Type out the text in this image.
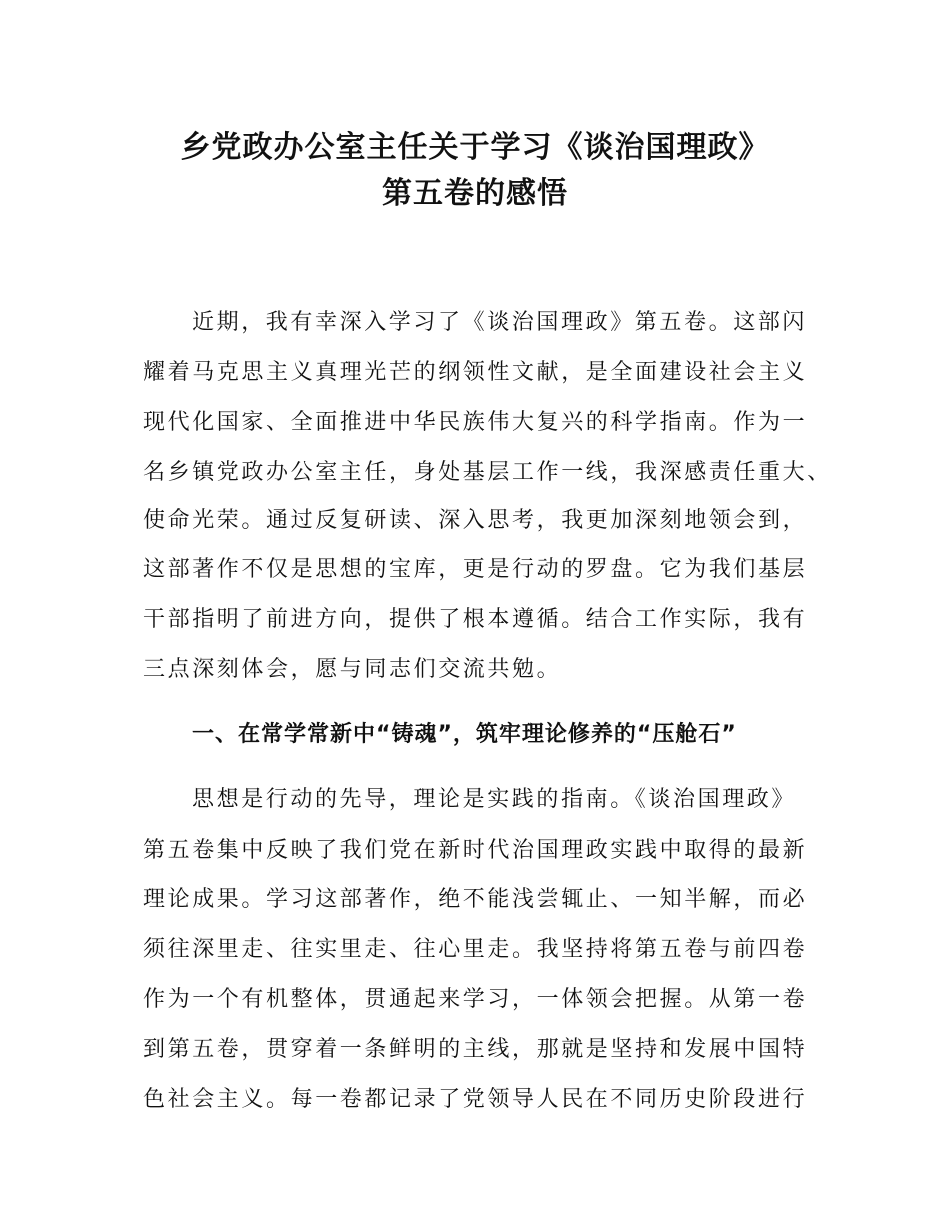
乡党政办公室主任关于学习《谈治国理政》
第五卷的感悟
近期，我有幸深入学习了《谈治国理政》第五卷。这部闪
耀着马克思主义真理光芒的纲领性文献，是全面建设社会主义
现代化国家、全面推进中华民族伟大复兴的科学指南。作为一
名乡镇党政办公室主任，身处基层工作一线，我深感责任重大、
使命光荣。通过反复研读、深入思考，我更加深刻地领会到，
这部著作不仅是思想的宝库，更是行动的罗盘。它为我们基层
干部指明了前进方向，提供了根本遵循。结合工作实际，我有
三点深刻体会，愿与同志们交流共勉。
一、在常学常新中“铸魂”，筑牢理论修养的“压舱石”
思想是行动的先导，理论是实践的指南。《谈治国理政》
第五卷集中反映了我们党在新时代治国理政实践中取得的最新
理论成果。学习这部著作，绝不能浅尝辄止、一知半解，而必
须往深里走、往实里走、往心里走。我坚持将第五卷与前四卷
作为一个有机整体，贯通起来学习，一体领会把握。从第一卷
到第五卷，贯穿着一条鲜明的主线，那就是坚持和发展中国特
色社会主义。每一卷都记录了党领导人民在不同历史阶段进行
